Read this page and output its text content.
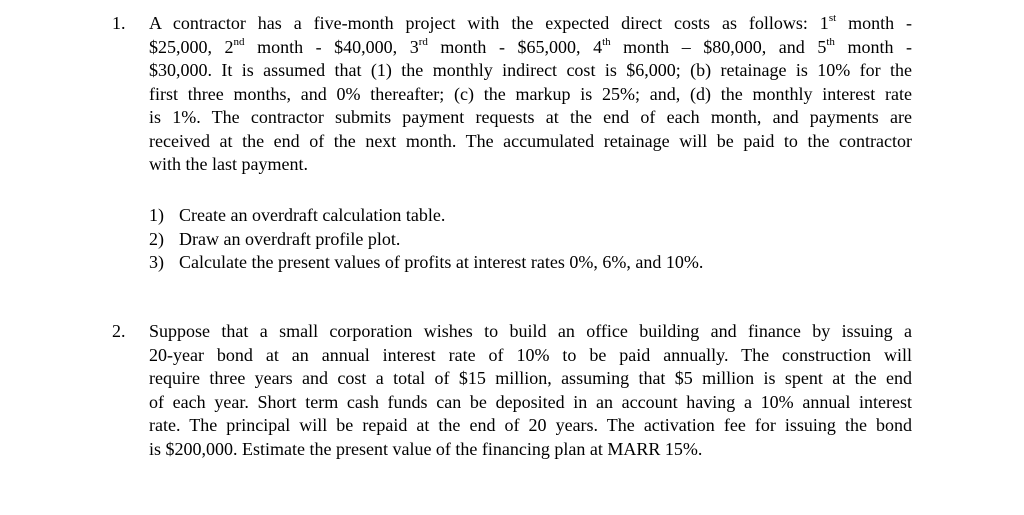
1.	A contractor has a five-month project with the expected direct costs as follows: 1st month -
$25,000, 2nd month - $40,000, 3rd month - $65,000, 4th month – $80,000, and 5th month -
$30,000. It is assumed that (1) the monthly indirect cost is $6,000; (b) retainage is 10% for the
first three months, and 0% thereafter; (c) the markup is 25%; and, (d) the monthly interest rate
is 1%. The contractor submits payment requests at the end of each month, and payments are
received at the end of the next month. The accumulated retainage will be paid to the contractor
with the last payment.
1) Create an overdraft calculation table.
2) Draw an overdraft profile plot.
3) Calculate the present values of profits at interest rates 0%, 6%, and 10%.
2.	Suppose that a small corporation wishes to build an office building and finance by issuing a
20-year bond at an annual interest rate of 10% to be paid annually. The construction will
require three years and cost a total of $15 million, assuming that $5 million is spent at the end
of each year. Short term cash funds can be deposited in an account having a 10% annual interest
rate. The principal will be repaid at the end of 20 years. The activation fee for issuing the bond
is $200,000. Estimate the present value of the financing plan at MARR 15%.
